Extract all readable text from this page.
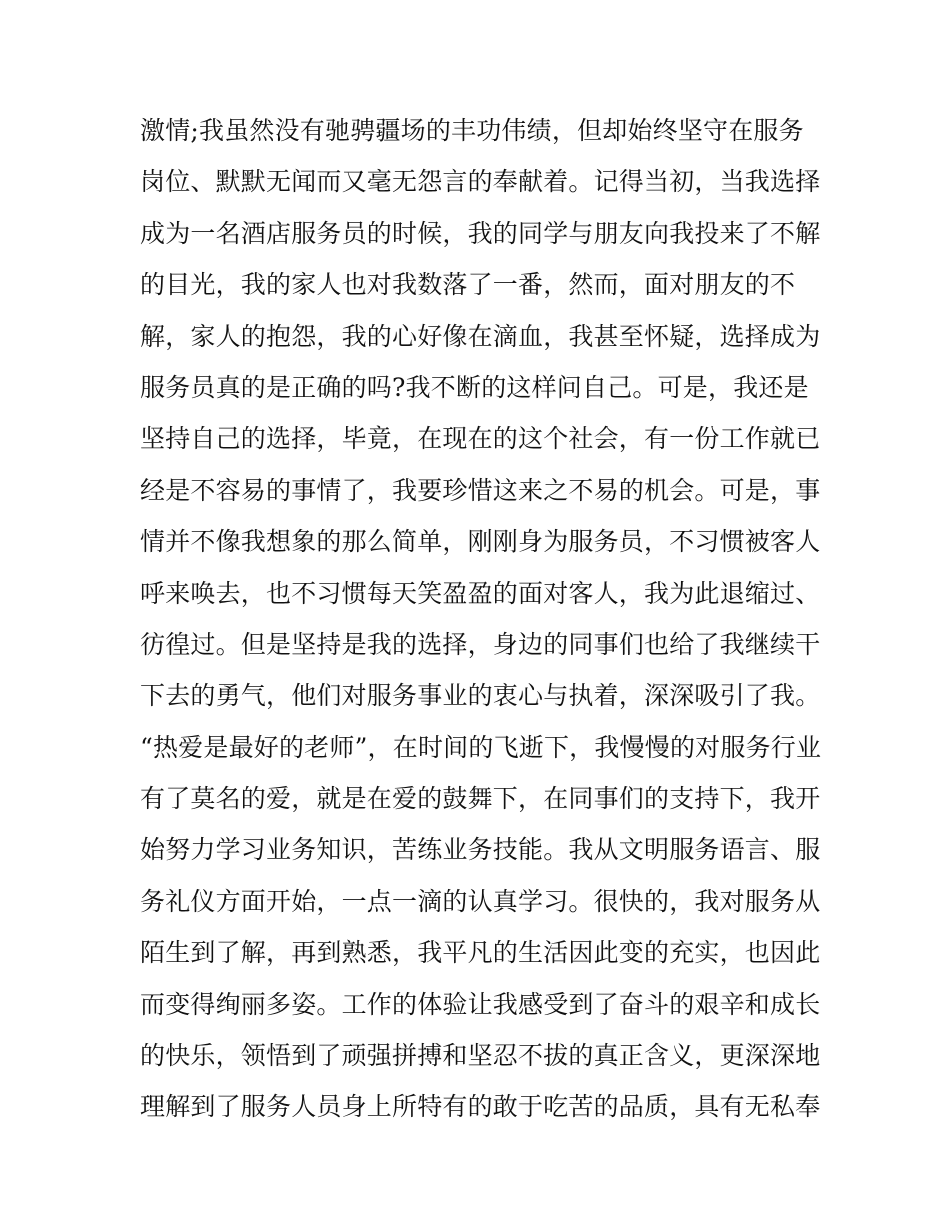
激情;我虽然没有驰骋疆场的丰功伟绩，但却始终坚守在服务
岗位、默默无闻而又毫无怨言的奉献着。记得当初，当我选择
成为一名酒店服务员的时候，我的同学与朋友向我投来了不解
的目光，我的家人也对我数落了一番，然而，面对朋友的不
解，家人的抱怨，我的心好像在滴血，我甚至怀疑，选择成为
服务员真的是正确的吗?我不断的这样问自己。可是，我还是
坚持自己的选择，毕竟，在现在的这个社会，有一份工作就已
经是不容易的事情了，我要珍惜这来之不易的机会。可是，事
情并不像我想象的那么简单，刚刚身为服务员，不习惯被客人
呼来唤去，也不习惯每天笑盈盈的面对客人，我为此退缩过、
彷徨过。但是坚持是我的选择，身边的同事们也给了我继续干
下去的勇气，他们对服务事业的衷心与执着，深深吸引了我。
“热爱是最好的老师”，在时间的飞逝下，我慢慢的对服务行业
有了莫名的爱，就是在爱的鼓舞下，在同事们的支持下，我开
始努力学习业务知识，苦练业务技能。我从文明服务语言、服
务礼仪方面开始，一点一滴的认真学习。很快的，我对服务从
陌生到了解，再到熟悉，我平凡的生活因此变的充实，也因此
而变得绚丽多姿。工作的体验让我感受到了奋斗的艰辛和成长
的快乐，领悟到了顽强拼搏和坚忍不拔的真正含义，更深深地
理解到了服务人员身上所特有的敢于吃苦的品质，具有无私奉
